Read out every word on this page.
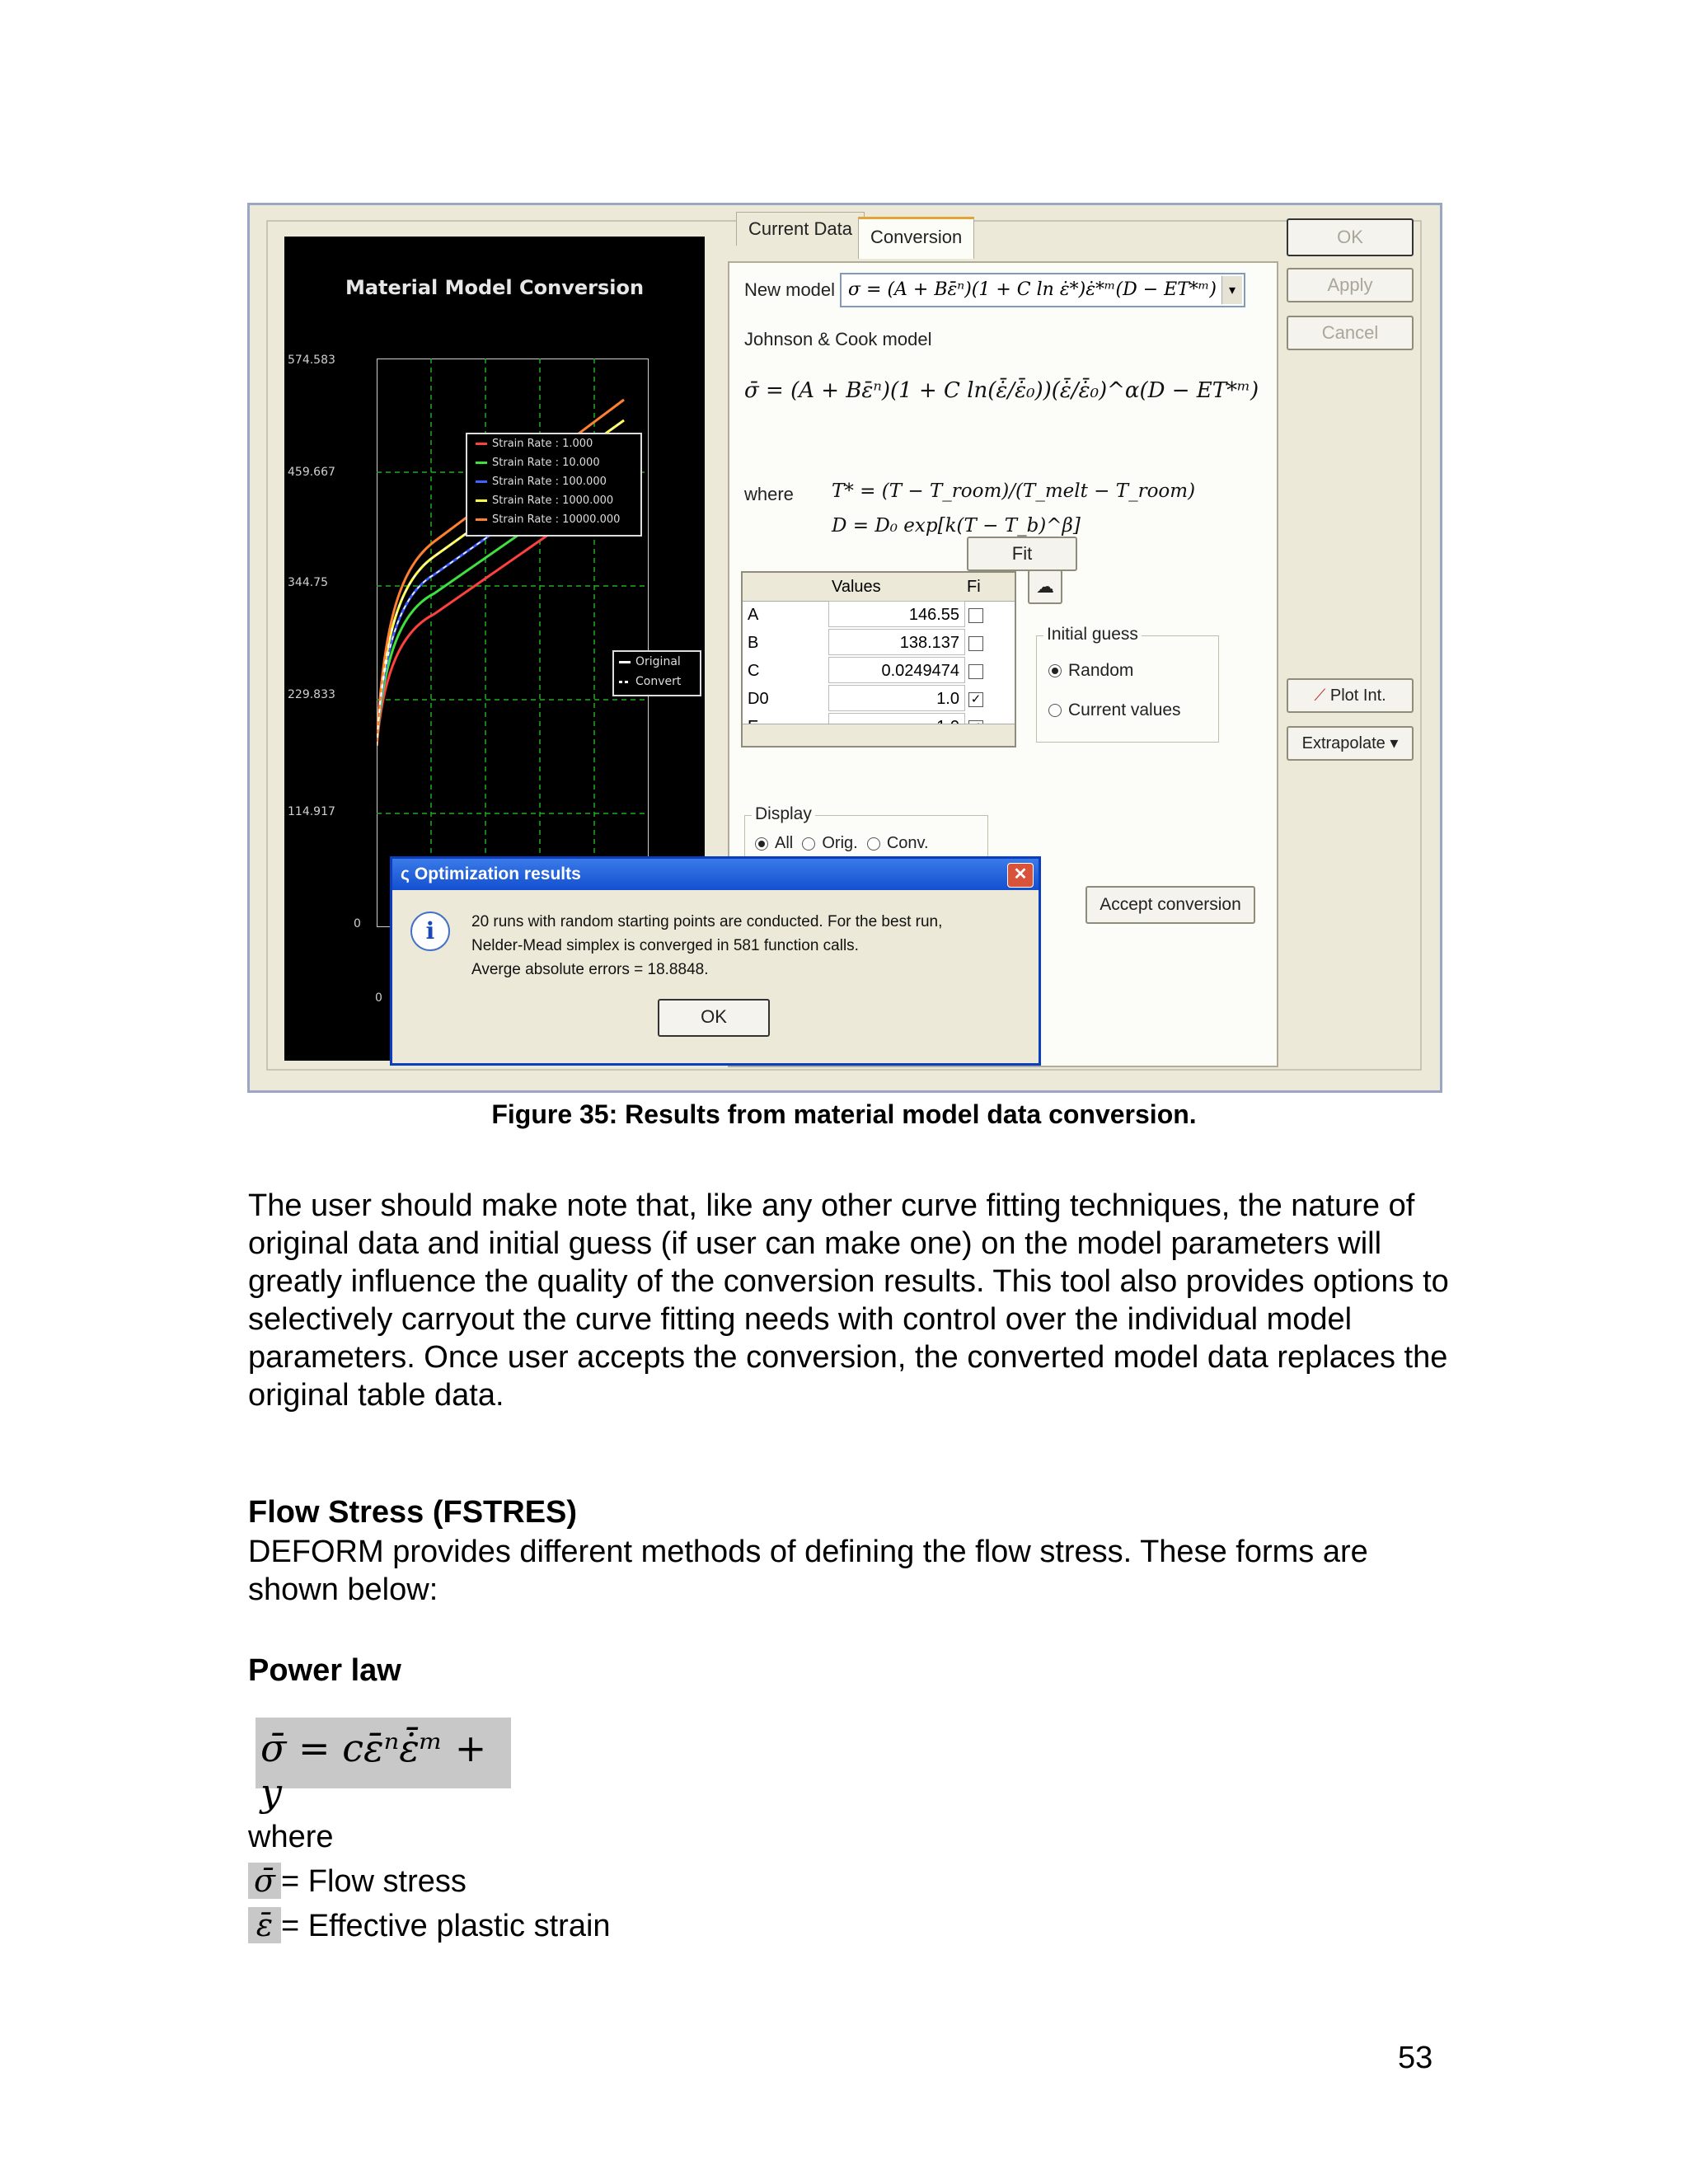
Material Model Conversion
574.583
459.667
344.75
229.833
114.917
0
0
Strain Rate : 1.000
Strain Rate : 10.000
Strain Rate : 100.000
Strain Rate : 1000.000
Strain Rate : 10000.000
Original
Convert
Current Data	Conversion
New model σ = (A + Bε̄ⁿ)(1 + C ln ε̇*)ε̇*ᵐ(D − ET*ᵐ) ▾
Johnson & Cook model
σ̄ = (A + Bε̄ⁿ)(1 + C ln(ε̇̄/ε̇̄₀))(ε̇̄/ε̇̄₀)^α(D − ET*ᵐ)
where T* = (T − T_room)/(T_melt − T_room)
D = D₀ exp[k(T − T_b)^β]
Fit
Values	Fi
A	146.55
B	138.137
C	0.0249474
D0	1.0 ✓
☁
Initial guess
Random
Current values
Display
All Orig. Conv.
OK
Apply
Cancel
⟋ Plot Int.
Extrapolate ▾
Accept conversion
ς Optimization results	✕
i	20 runs with random starting points are conducted. For the best run,
Nelder-Mead simplex is converged in 581 function calls.
Averge absolute errors = 18.8848.
OK
Figure 35: Results from material model data conversion.
The user should make note that, like any other curve fitting techniques, the nature of original data and initial guess (if user can make one) on the model parameters will greatly influence the quality of the conversion results. This tool also provides options to selectively carryout the curve fitting needs with control over the individual model parameters. Once user accepts the conversion, the converted model data replaces the original table data.
Flow Stress (FSTRES)
DEFORM provides different methods of defining the flow stress. These forms are shown below:
Power law
σ̄ = cε̄ⁿε̇̄ᵐ + y
where
σ̄ = Flow stress
ε̄ = Effective plastic strain
53
